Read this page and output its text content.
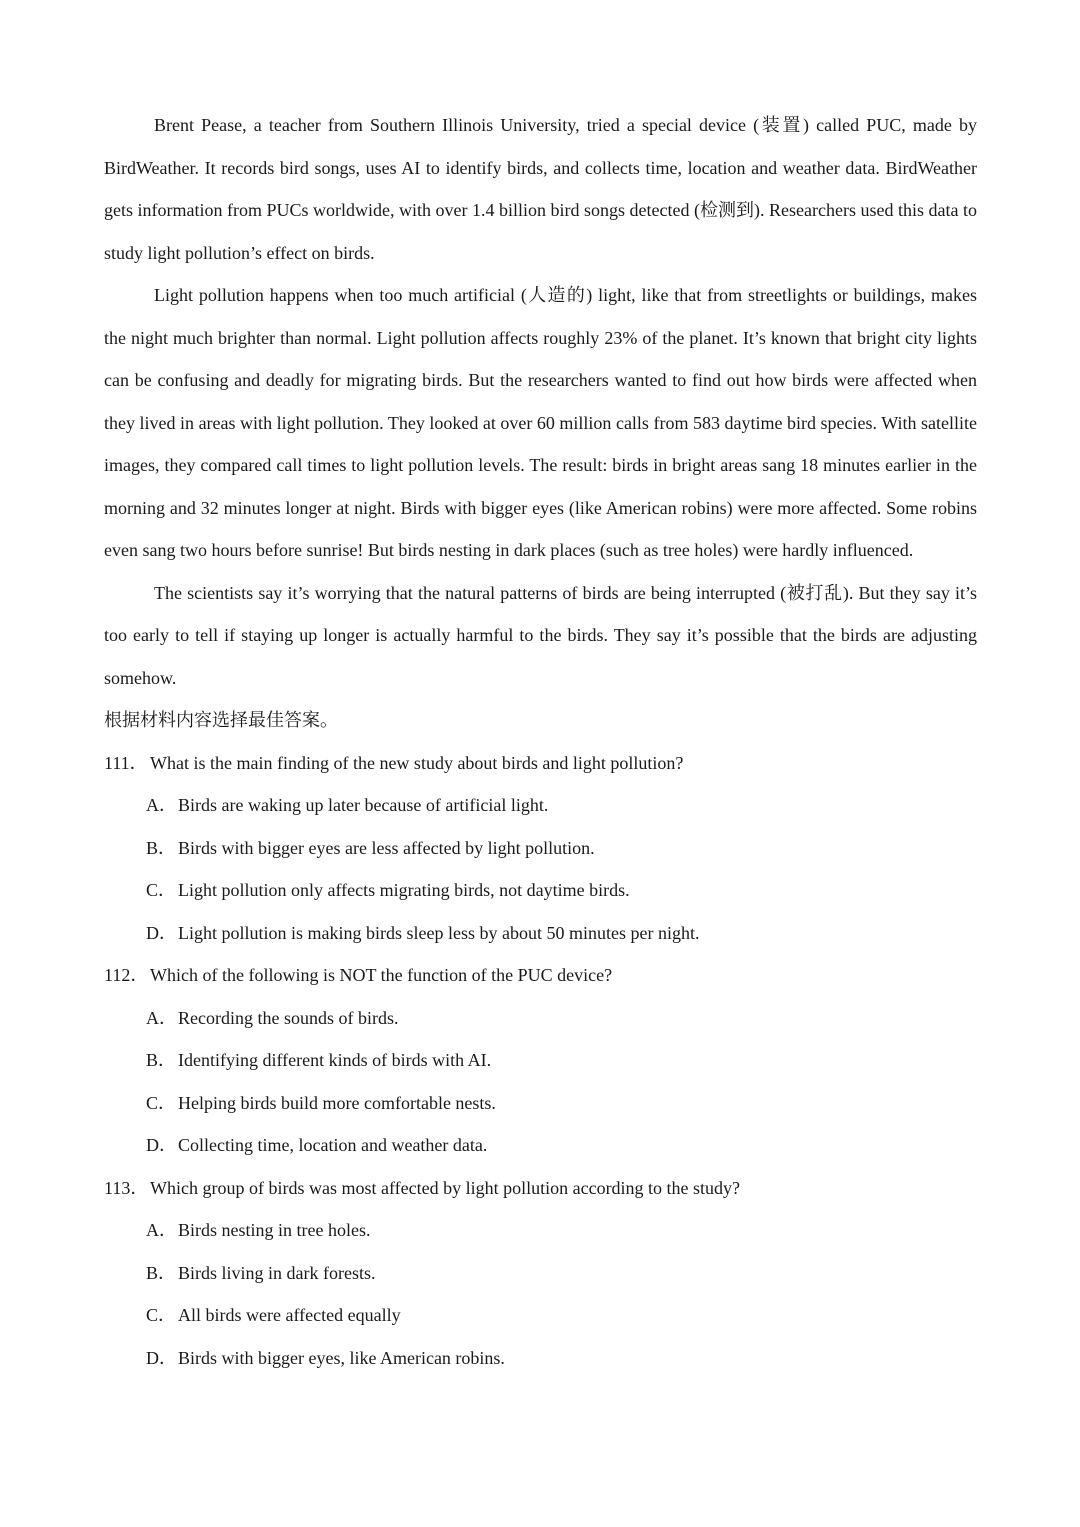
Brent Pease, a teacher from Southern Illinois University, tried a special device (装置) called PUC, made by BirdWeather. It records bird songs, uses AI to identify birds, and collects time, location and weather data. BirdWeather gets information from PUCs worldwide, with over 1.4 billion bird songs detected (检测到). Researchers used this data to study light pollution’s effect on birds.

Light pollution happens when too much artificial (人造的) light, like that from streetlights or buildings, makes the night much brighter than normal. Light pollution affects roughly 23% of the planet. It’s known that bright city lights can be confusing and deadly for migrating birds. But the researchers wanted to find out how birds were affected when they lived in areas with light pollution. They looked at over 60 million calls from 583 daytime bird species. With satellite images, they compared call times to light pollution levels. The result: birds in bright areas sang 18 minutes earlier in the morning and 32 minutes longer at night. Birds with bigger eyes (like American robins) were more affected. Some robins even sang two hours before sunrise! But birds nesting in dark places (such as tree holes) were hardly influenced.

The scientists say it’s worrying that the natural patterns of birds are being interrupted (被打乱). But they say it’s too early to tell if staying up longer is actually harmful to the birds. They say it’s possible that the birds are adjusting somehow.

根据材料内容选择最佳答案。

111． What is the main finding of the new study about birds and light pollution?

A．Birds are waking up later because of artificial light.

B． Birds with bigger eyes are less affected by light pollution.

C． Light pollution only affects migrating birds, not daytime birds.

D．Light pollution is making birds sleep less by about 50 minutes per night.

112．Which of the following is NOT the function of the PUC device?

A．Recording the sounds of birds.

B． Identifying different kinds of birds with AI.

C． Helping birds build more comfortable nests.

D．Collecting time, location and weather data.

113．Which group of birds was most affected by light pollution according to the study?

A．Birds nesting in tree holes.

B． Birds living in dark forests.

C． All birds were affected equally

D．Birds with bigger eyes, like American robins.
